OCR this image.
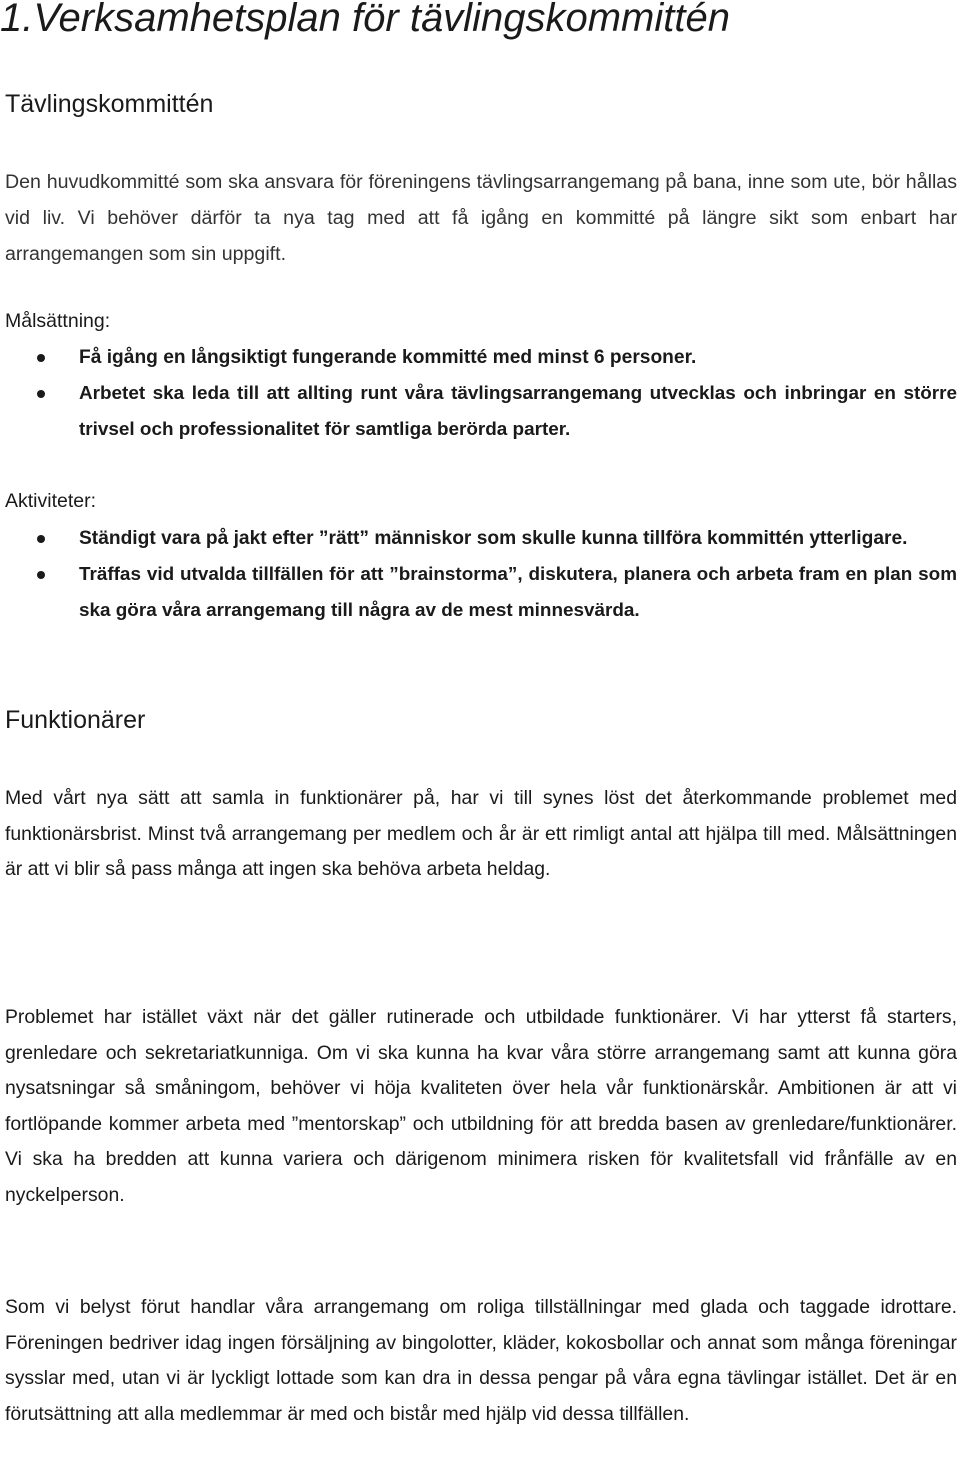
1.Verksamhetsplan för tävlingskommittén
Tävlingskommittén

Den huvudkommitté som ska ansvara för föreningens tävlingsarrangemang på bana, inne som ute, bör hållas vid liv. Vi behöver därför ta nya tag med att få igång en kommitté på längre sikt som enbart har arrangemangen som sin uppgift.

Målsättning:
Få igång en långsiktigt fungerande kommitté med minst 6 personer.
Arbetet ska leda till att allting runt våra tävlingsarrangemang utvecklas och inbringar en större trivsel och professionalitet för samtliga berörda parter.
Aktiviteter:
Ständigt vara på jakt efter ”rätt” människor som skulle kunna tillföra kommittén ytterligare.
Träffas vid utvalda tillfällen för att ”brainstorma”, diskutera, planera och arbeta fram en plan som ska göra våra arrangemang till några av de mest minnesvärda.
Funktionärer

Med vårt nya sätt att samla in funktionärer på, har vi till synes löst det återkommande problemet med funktionärsbrist. Minst två arrangemang per medlem och år är ett rimligt antal att hjälpa till med. Målsättningen är att vi blir så pass många att ingen ska behöva arbeta heldag.

Problemet har istället växt när det gäller rutinerade och utbildade funktionärer. Vi har ytterst få starters, grenledare och sekretariatkunniga. Om vi ska kunna ha kvar våra större arrangemang samt att kunna göra nysatsningar så småningom, behöver vi höja kvaliteten över hela vår funktionärskår. Ambitionen är att vi fortlöpande kommer arbeta med ”mentorskap” och utbildning för att bredda basen av grenledare/funktionärer. Vi ska ha bredden att kunna variera och därigenom minimera risken för kvalitetsfall vid frånfälle av en nyckelperson.

Som vi belyst förut handlar våra arrangemang om roliga tillställningar med glada och taggade idrottare. Föreningen bedriver idag ingen försäljning av bingolotter, kläder, kokosbollar och annat som många föreningar sysslar med, utan vi är lyckligt lottade som kan dra in dessa pengar på våra egna tävlingar istället. Det är en förutsättning att alla medlemmar är med och bistår med hjälp vid dessa tillfällen.
